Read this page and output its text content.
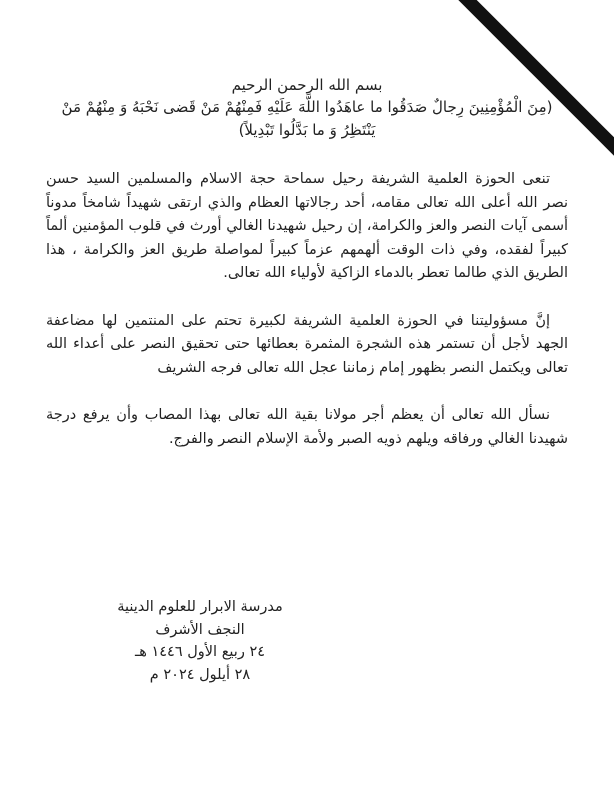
بسم الله الرحمن الرحيم

(مِنَ الْمُؤْمِنِينَ رِجالٌ صَدَقُوا ما عاهَدُوا اللَّهَ عَلَيْهِ فَمِنْهُمْ مَنْ قَضى نَحْبَهُ وَ مِنْهُمْ مَنْ يَنْتَظِرُ وَ ما بَدَّلُوا تَبْدِيلاً)

تنعى الحوزة العلمية الشريفة رحيل سماحة حجة الاسلام والمسلمين السيد حسن نصر الله أعلى الله تعالى مقامه، أحد رجالاتها العظام والذي ارتقى شهيداً شامخاً مدوناً أسمى آيات النصر والعز والكرامة، إن رحيل شهيدنا الغالي أورث في قلوب المؤمنين ألماً كبيراً لفقده، وفي ذات الوقت ألهمهم عزماً كبيراً لمواصلة طريق العز والكرامة ، هذا الطريق الذي طالما تعطر بالدماء الزاكية لأولياء الله تعالى.

إنَّ مسؤوليتنا في الحوزة العلمية الشريفة لكبيرة تحتم على المنتمين لها مضاعفة الجهد لأجل أن تستمر هذه الشجرة المثمرة بعطائها حتى تحقيق النصر على أعداء الله تعالى ويكتمل النصر بظهور إمام زماننا عجل الله تعالى فرجه الشريف

نسأل الله تعالى أن يعظم أجر مولانا بقية الله تعالى بهذا المصاب وأن يرفع درجة شهيدنا الغالي ورفاقه ويلهم ذويه الصبر ولأمة الإسلام النصر والفرج.

مدرسة الابرار للعلوم الدينية
النجف الأشرف
٢٤ ربيع الأول ١٤٤٦ هـ
٢٨ أيلول ٢٠٢٤ م
